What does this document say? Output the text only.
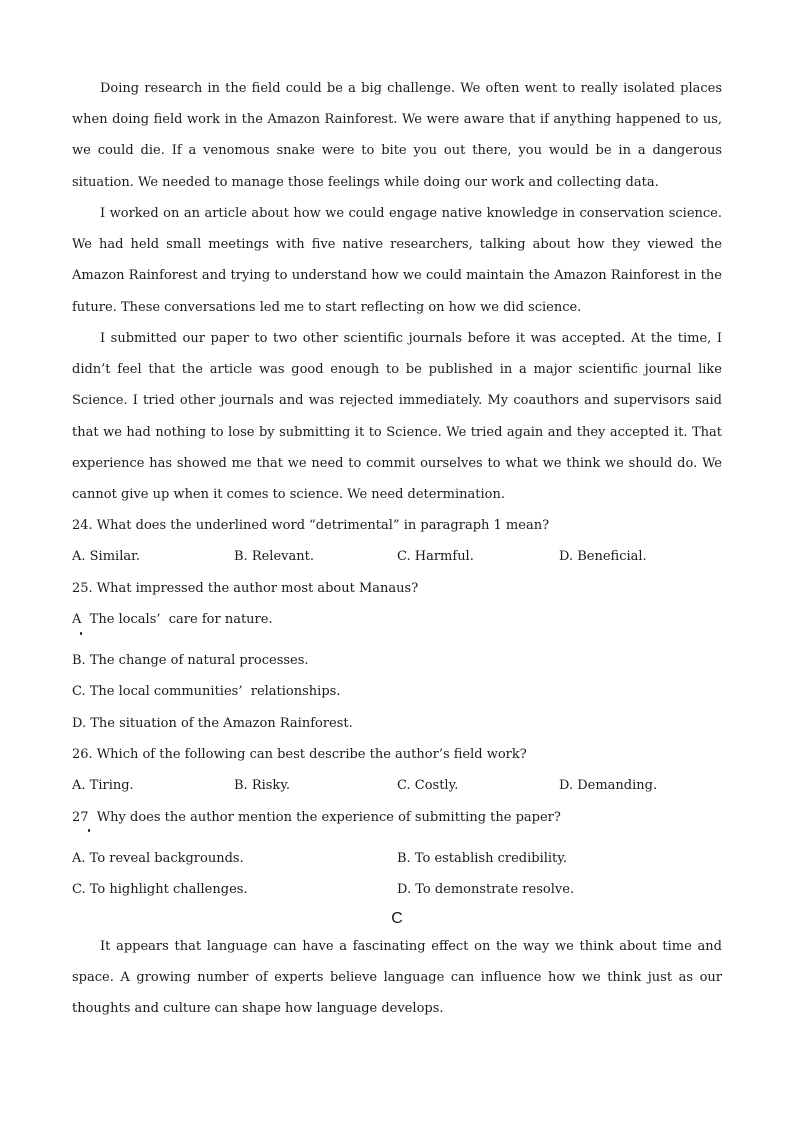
Doing research in the field could be a big challenge. We often went to really isolated places when doing field work in the Amazon Rainforest. We were aware that if anything happened to us, we could die. If a venomous snake were to bite you out there, you would be in a dangerous situation. We needed to manage those feelings while doing our work and collecting data.

I worked on an article about how we could engage native knowledge in conservation science. We had held small meetings with five native researchers, talking about how they viewed the Amazon Rainforest and trying to understand how we could maintain the Amazon Rainforest in the future. These conversations led me to start reflecting on how we did science.

I submitted our paper to two other scientific journals before it was accepted. At the time, I didn’t feel that the article was good enough to be published in a major scientific journal like Science. I tried other journals and was rejected immediately. My coauthors and supervisors said that we had nothing to lose by submitting it to Science. We tried again and they accepted it. That experience has showed me that we need to commit ourselves to what we think we should do. We cannot give up when it comes to science. We need determination.

24. What does the underlined word “detrimental” in paragraph 1 mean?

A. Similar.	B. Relevant.	C. Harmful.	D. Beneficial.

25. What impressed the author most about Manaus?

A  The locals’  care for nature.

B. The change of natural processes.

C. The local communities’  relationships.

D. The situation of the Amazon Rainforest.

26. Which of the following can best describe the author’s field work?

A. Tiring.	B. Risky.	C. Costly.	D. Demanding.

27  Why does the author mention the experience of submitting the paper?

A. To reveal backgrounds.	B. To establish credibility.

C. To highlight challenges.	D. To demonstrate resolve.

C

It appears that language can have a fascinating effect on the way we think about time and space. A growing number of experts believe language can influence how we think just as our thoughts and culture can shape how language develops.
